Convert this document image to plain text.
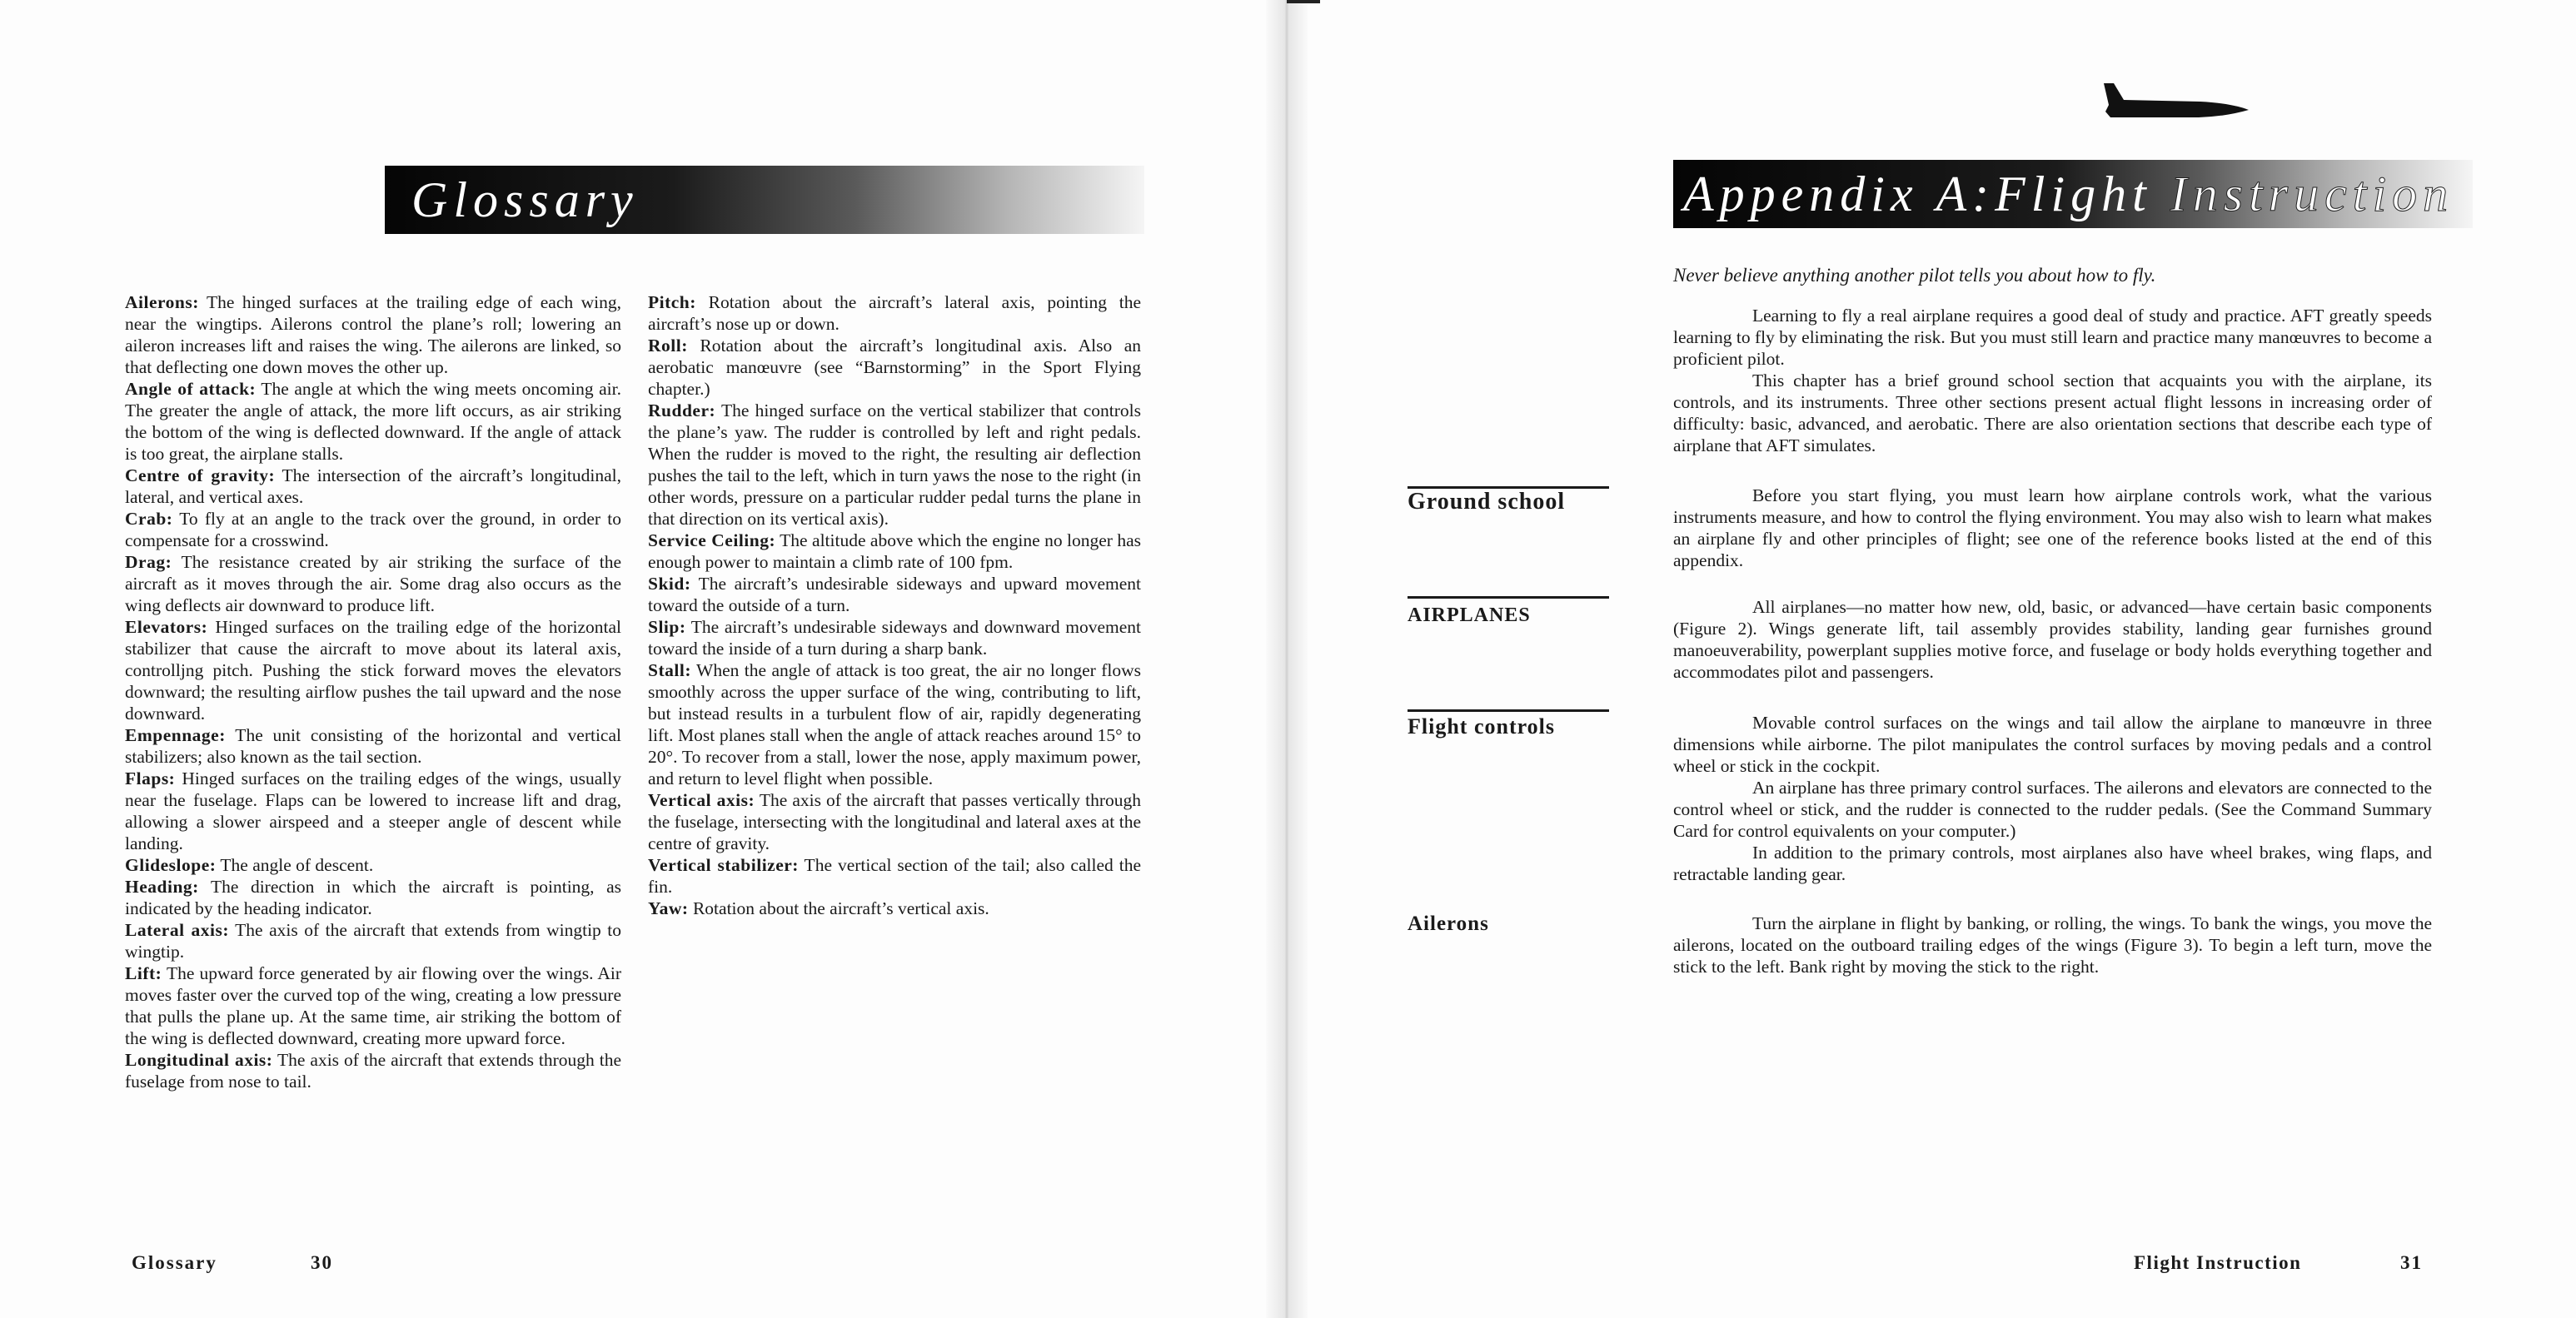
Glossary

Ailerons: The hinged surfaces at the trailing edge of each wing, near the wingtips. Ailerons control the plane’s roll; lowering an aileron increases lift and raises the wing. The ailerons are linked, so that deflecting one down moves the other up.

Angle of attack: The angle at which the wing meets oncoming air. The greater the angle of attack, the more lift occurs, as air striking the bottom of the wing is deflected downward. If the angle of attack is too great, the airplane stalls.

Centre of gravity: The intersection of the aircraft’s longitudinal, lateral, and vertical axes.

Crab: To fly at an angle to the track over the ground, in order to compensate for a crosswind.

Drag: The resistance created by air striking the surface of the aircraft as it moves through the air. Some drag also occurs as the wing deflects air downward to produce lift.

Elevators: Hinged surfaces on the trailing edge of the horizontal stabilizer that cause the aircraft to move about its lateral axis, controlljng pitch. Pushing the stick forward moves the elevators downward; the resulting airflow pushes the tail upward and the nose downward.

Empennage: The unit consisting of the horizontal and vertical stabilizers; also known as the tail section.

Flaps: Hinged surfaces on the trailing edges of the wings, usually near the fuselage. Flaps can be lowered to increase lift and drag, allowing a slower airspeed and a steeper angle of descent while landing.

Glideslope: The angle of descent.

Heading: The direction in which the aircraft is pointing, as indicated by the heading indicator.

Lateral axis: The axis of the aircraft that extends from wingtip to wingtip.

Lift: The upward force generated by air flowing over the wings. Air moves faster over the curved top of the wing, creating a low pressure that pulls the plane up. At the same time, air striking the bottom of the wing is deflected downward, creating more upward force.

Longitudinal axis: The axis of the aircraft that extends through the fuselage from nose to tail.

Pitch: Rotation about the aircraft’s lateral axis, pointing the aircraft’s nose up or down.

Roll: Rotation about the aircraft’s longitudinal axis. Also an aerobatic manœuvre (see “Barnstorming” in the Sport Flying chapter.)

Rudder: The hinged surface on the vertical stabilizer that controls the plane’s yaw. The rudder is controlled by left and right pedals. When the rudder is moved to the right, the resulting air deflection pushes the tail to the left, which in turn yaws the nose to the right (in other words, pressure on a particular rudder pedal turns the plane in that direction on its vertical axis).

Service Ceiling: The altitude above which the engine no longer has enough power to maintain a climb rate of 100 fpm.

Skid: The aircraft’s undesirable sideways and upward movement toward the outside of a turn.

Slip: The aircraft’s undesirable sideways and downward movement toward the inside of a turn during a sharp bank.

Stall: When the angle of attack is too great, the air no longer flows smoothly across the upper surface of the wing, contributing to lift, but instead results in a turbulent flow of air, rapidly degenerating lift. Most planes stall when the angle of attack reaches around 15° to 20°. To recover from a stall, lower the nose, apply maximum power, and return to level flight when possible.

Vertical axis: The axis of the aircraft that passes vertically through the fuselage, intersecting with the longitudinal and lateral axes at the centre of gravity.

Vertical stabilizer: The vertical section of the tail; also called the fin.

Yaw: Rotation about the aircraft’s vertical axis.

Glossary	30
Appendix A:Flight Instruction
Never believe anything another pilot tells you about how to fly.

Learning to fly a real airplane requires a good deal of study and practice. AFT greatly speeds learning to fly by eliminating the risk. But you must still learn and practice many manœuvres to become a proficient pilot.

This chapter has a brief ground school section that acquaints you with the airplane, its controls, and its instruments. Three other sections present actual flight lessons in increasing order of difficulty: basic, advanced, and aerobatic. There are also orientation sections that describe each type of airplane that AFT simulates.

Ground school	Before you start flying, you must learn how airplane controls work, what the various instruments measure, and how to control the flying environment. You may also wish to learn what makes an airplane fly and other principles of flight; see one of the reference books listed at the end of this appendix.

AIRPLANES	All airplanes—no matter how new, old, basic, or advanced—have certain basic components (Figure 2). Wings generate lift, tail assembly provides stability, landing gear furnishes ground manoeuverability, powerplant supplies motive force, and fuselage or body holds everything together and accommodates pilot and passengers.

Flight controls	Movable control surfaces on the wings and tail allow the airplane to manœuvre in three dimensions while airborne. The pilot manipulates the control surfaces by moving pedals and a control wheel or stick in the cockpit.

An airplane has three primary control surfaces. The ailerons and elevators are connected to the control wheel or stick, and the rudder is connected to the rudder pedals. (See the Command Summary Card for control equivalents on your computer.)

In addition to the primary controls, most airplanes also have wheel brakes, wing flaps, and retractable landing gear.

Ailerons	Turn the airplane in flight by banking, or rolling, the wings. To bank the wings, you move the ailerons, located on the outboard trailing edges of the wings (Figure 3). To begin a left turn, move the stick to the left. Bank right by moving the stick to the right.

Flight Instruction	31
